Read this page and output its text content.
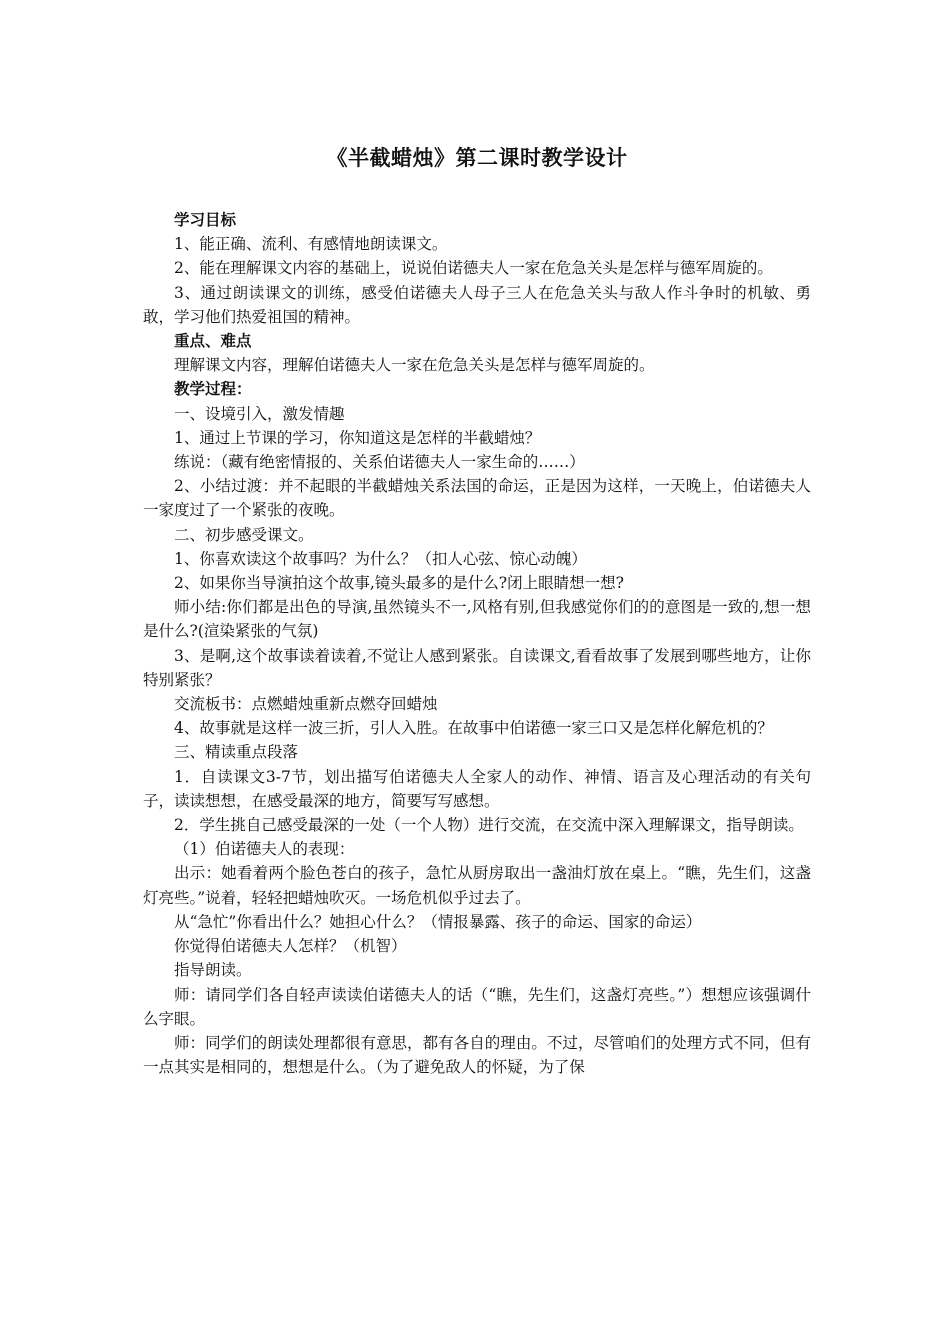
《半截蜡烛》第二课时教学设计

学习目标

1、能正确、流利、有感情地朗读课文。

2、能在理解课文内容的基础上，说说伯诺德夫人一家在危急关头是怎样与德军周旋的。

3、通过朗读课文的训练，感受伯诺德夫人母子三人在危急关头与敌人作斗争时的机敏、勇敢，学习他们热爱祖国的精神。

重点、难点

理解课文内容，理解伯诺德夫人一家在危急关头是怎样与德军周旋的。

教学过程：

一、设境引入，激发情趣

1、通过上节课的学习，你知道这是怎样的半截蜡烛？

练说：（藏有绝密情报的、关系伯诺德夫人一家生命的……）

2、小结过渡：并不起眼的半截蜡烛关系法国的命运，正是因为这样，一天晚上，伯诺德夫人一家度过了一个紧张的夜晚。

二、初步感受课文。

1、你喜欢读这个故事吗？为什么？（扣人心弦、惊心动魄）

2、如果你当导演拍这个故事,镜头最多的是什么?闭上眼睛想一想?

师小结:你们都是出色的导演,虽然镜头不一,风格有别,但我感觉你们的的意图是一致的,想一想是什么?(渲染紧张的气氛)

3、是啊,这个故事读着读着,不觉让人感到紧张。自读课文,看看故事了发展到哪些地方，让你特别紧张？

交流板书：点燃蜡烛重新点燃夺回蜡烛

4、故事就是这样一波三折，引人入胜。在故事中伯诺德一家三口又是怎样化解危机的？

三、精读重点段落

1．自读课文3-7节，划出描写伯诺德夫人全家人的动作、神情、语言及心理活动的有关句子，读读想想，在感受最深的地方，简要写写感想。

2．学生挑自己感受最深的一处（一个人物）进行交流，在交流中深入理解课文，指导朗读。

（1）伯诺德夫人的表现：

出示：她看着两个脸色苍白的孩子，急忙从厨房取出一盏油灯放在桌上。“瞧，先生们，这盏灯亮些。”说着，轻轻把蜡烛吹灭。一场危机似乎过去了。

从“急忙”你看出什么？她担心什么？（情报暴露、孩子的命运、国家的命运）

你觉得伯诺德夫人怎样？（机智）

指导朗读。

师：请同学们各自轻声读读伯诺德夫人的话（“瞧，先生们，这盏灯亮些。”）想想应该强调什么字眼。

师：同学们的朗读处理都很有意思，都有各自的理由。不过，尽管咱们的处理方式不同，但有一点其实是相同的，想想是什么。（为了避免敌人的怀疑，为了保
